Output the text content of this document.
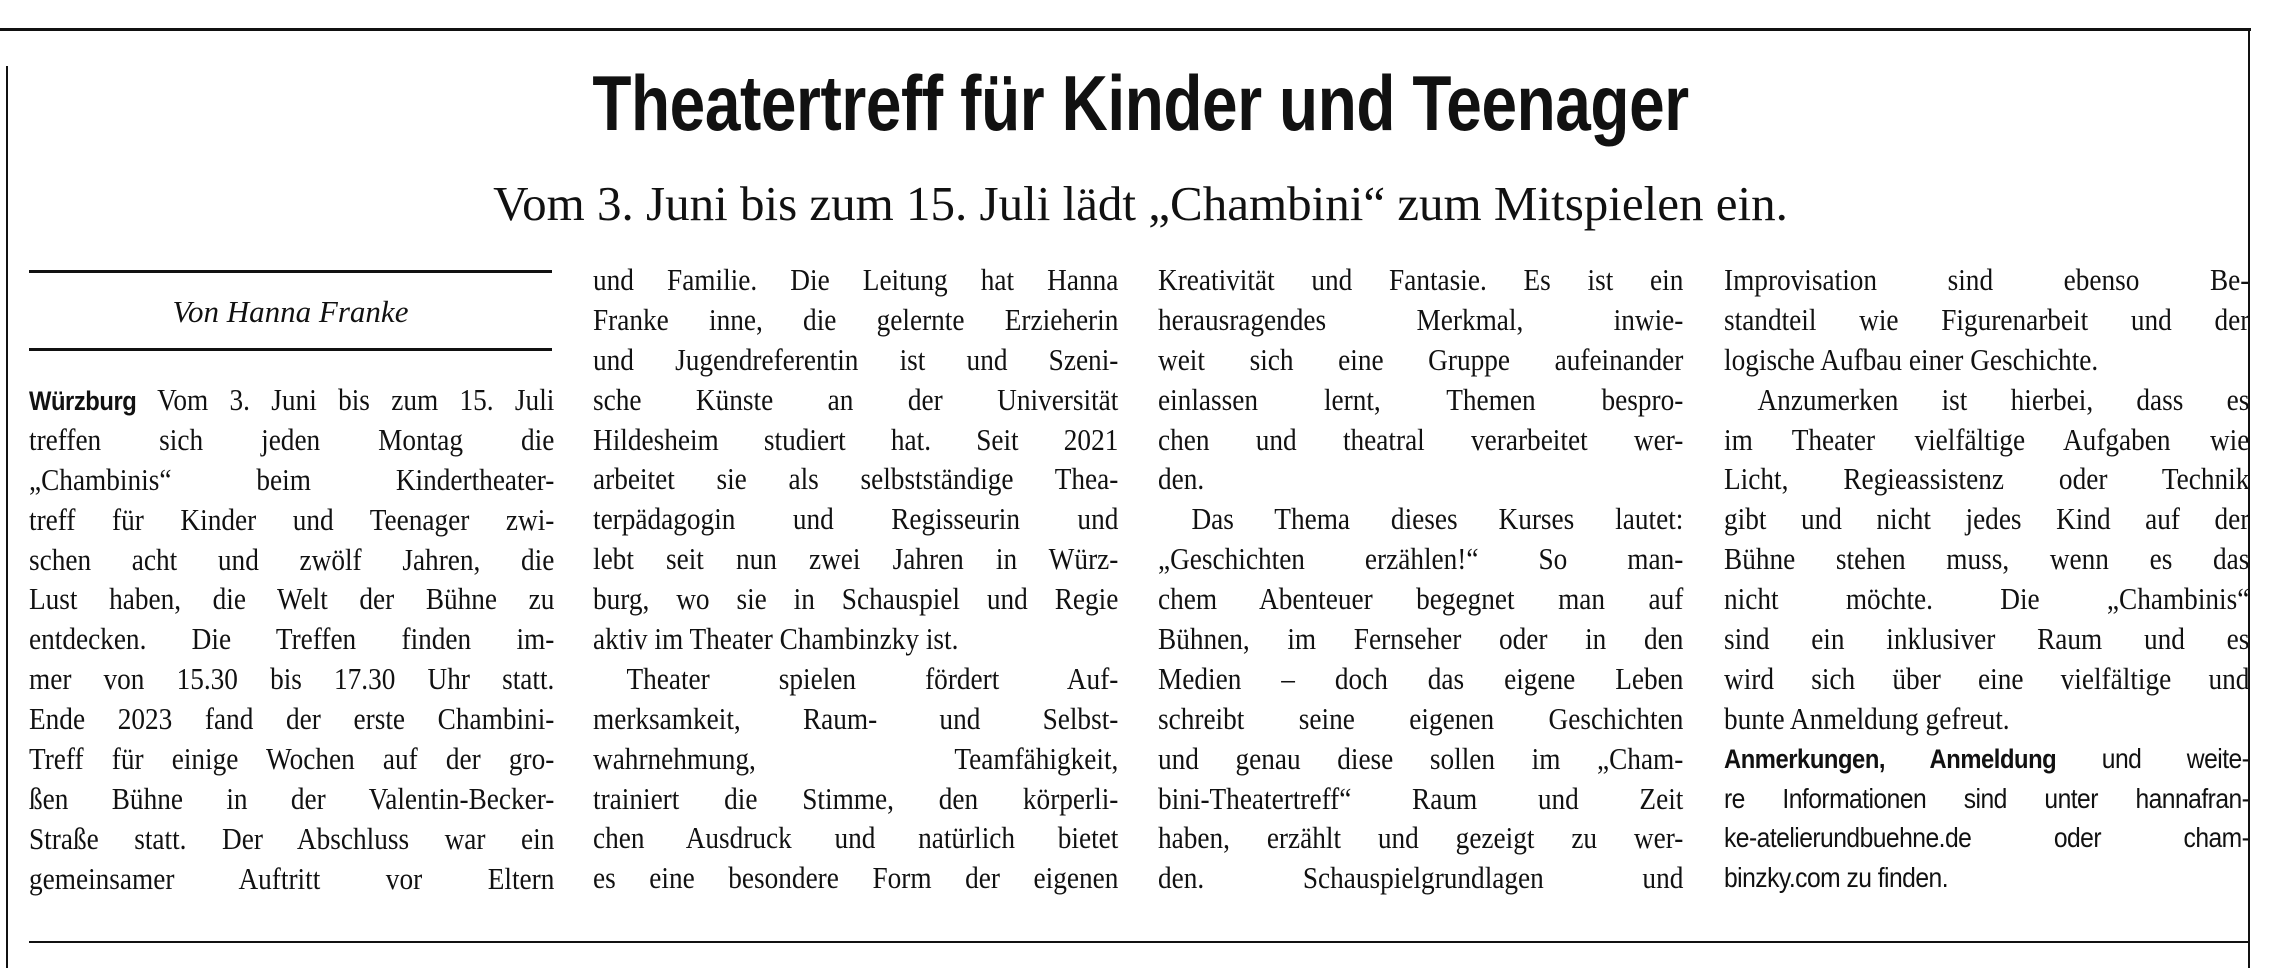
Theatertreff für Kinder und Teenager
Vom 3. Juni bis zum 15. Juli lädt „Chambini“ zum Mitspielen ein.
Von Hanna Franke
Würzburg Vom 3. Juni bis zum 15. Juli
treffen sich jeden Montag die
„Chambinis“ beim Kindertheater-
treff für Kinder und Teenager zwi-
schen acht und zwölf Jahren, die
Lust haben, die Welt der Bühne zu
entdecken. Die Treffen finden im-
mer von 15.30 bis 17.30 Uhr statt.
Ende 2023 fand der erste Chambini-
Treff für einige Wochen auf der gro-
ßen Bühne in der Valentin-Becker-
Straße statt. Der Abschluss war ein
gemeinsamer Auftritt vor Eltern
und Familie. Die Leitung hat Hanna
Franke inne, die gelernte Erzieherin
und Jugendreferentin ist und Szeni-
sche Künste an der Universität
Hildesheim studiert hat. Seit 2021
arbeitet sie als selbstständige Thea-
terpädagogin und Regisseurin und
lebt seit nun zwei Jahren in Würz-
burg, wo sie in Schauspiel und Regie
aktiv im Theater Chambinzky ist.
Theater spielen fördert Auf-
merksamkeit, Raum- und Selbst-
wahrnehmung, Teamfähigkeit,
trainiert die Stimme, den körperli-
chen Ausdruck und natürlich bietet
es eine besondere Form der eigenen
Kreativität und Fantasie. Es ist ein
herausragendes Merkmal, inwie-
weit sich eine Gruppe aufeinander
einlassen lernt, Themen bespro-
chen und theatral verarbeitet wer-
den.
Das Thema dieses Kurses lautet:
„Geschichten erzählen!“ So man-
chem Abenteuer begegnet man auf
Bühnen, im Fernseher oder in den
Medien – doch das eigene Leben
schreibt seine eigenen Geschichten
und genau diese sollen im „Cham-
bini-Theatertreff“ Raum und Zeit
haben, erzählt und gezeigt zu wer-
den. Schauspielgrundlagen und
Improvisation sind ebenso Be-
standteil wie Figurenarbeit und der
logische Aufbau einer Geschichte.
Anzumerken ist hierbei, dass es
im Theater vielfältige Aufgaben wie
Licht, Regieassistenz oder Technik
gibt und nicht jedes Kind auf der
Bühne stehen muss, wenn es das
nicht möchte. Die „Chambinis“
sind ein inklusiver Raum und es
wird sich über eine vielfältige und
bunte Anmeldung gefreut.
Anmerkungen, Anmeldung und weite-
re Informationen sind unter hannafran-
ke-atelierundbuehne.de oder cham-
binzky.com zu finden.
